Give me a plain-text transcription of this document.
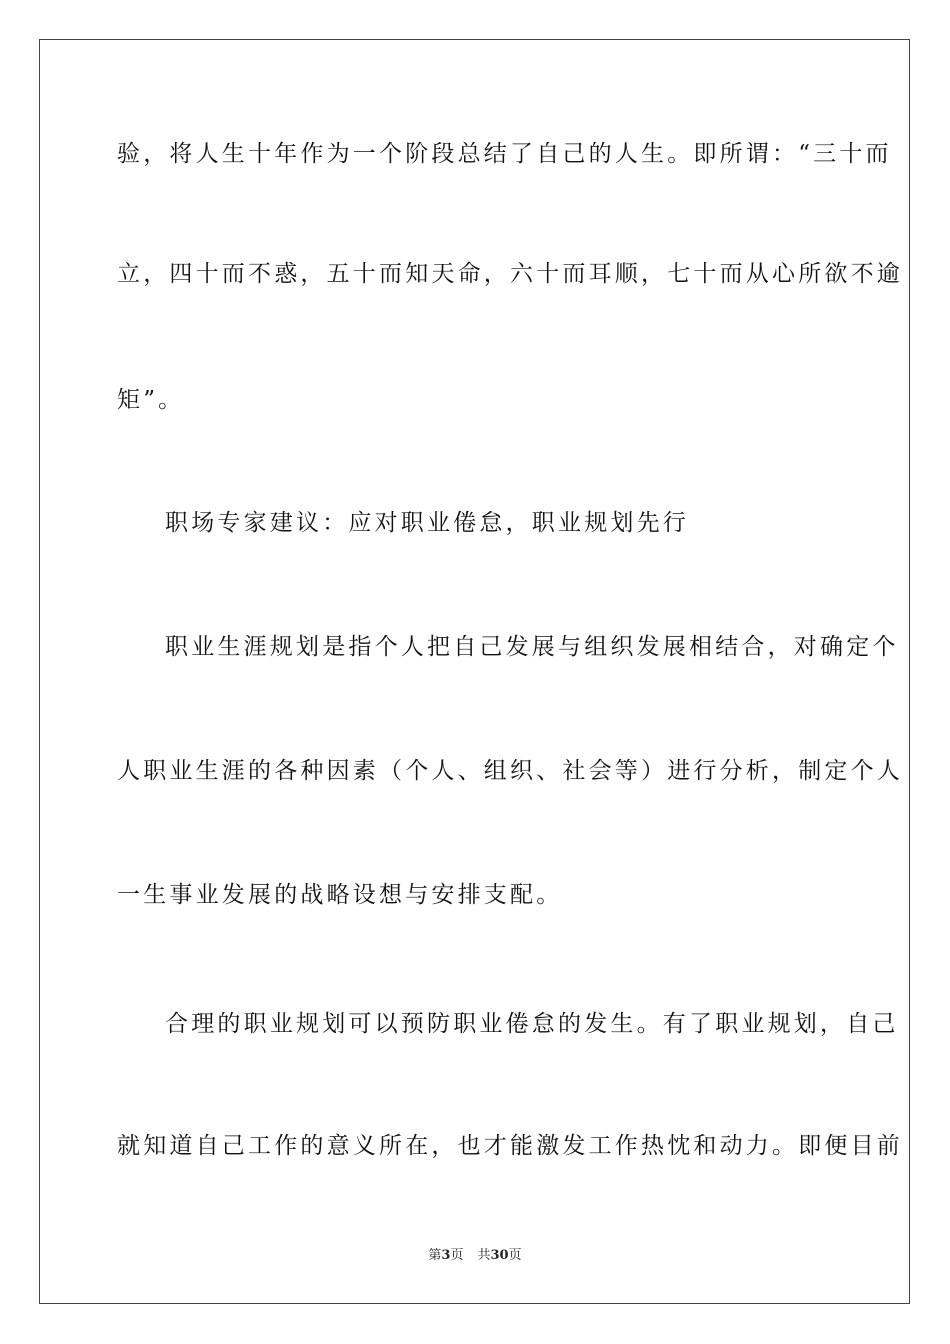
验，将人生十年作为一个阶段总结了自己的人生。即所谓：“三十而
立，四十而不惑，五十而知天命，六十而耳顺，七十而从心所欲不逾
矩”。
职场专家建议：应对职业倦怠，职业规划先行
职业生涯规划是指个人把自己发展与组织发展相结合，对确定个
人职业生涯的各种因素（个人、组织、社会等）进行分析，制定个人
一生事业发展的战略设想与安排支配。
合理的职业规划可以预防职业倦怠的发生。有了职业规划，自己
就知道自己工作的意义所在，也才能激发工作热忱和动力。即便目前
第3页 共30页
